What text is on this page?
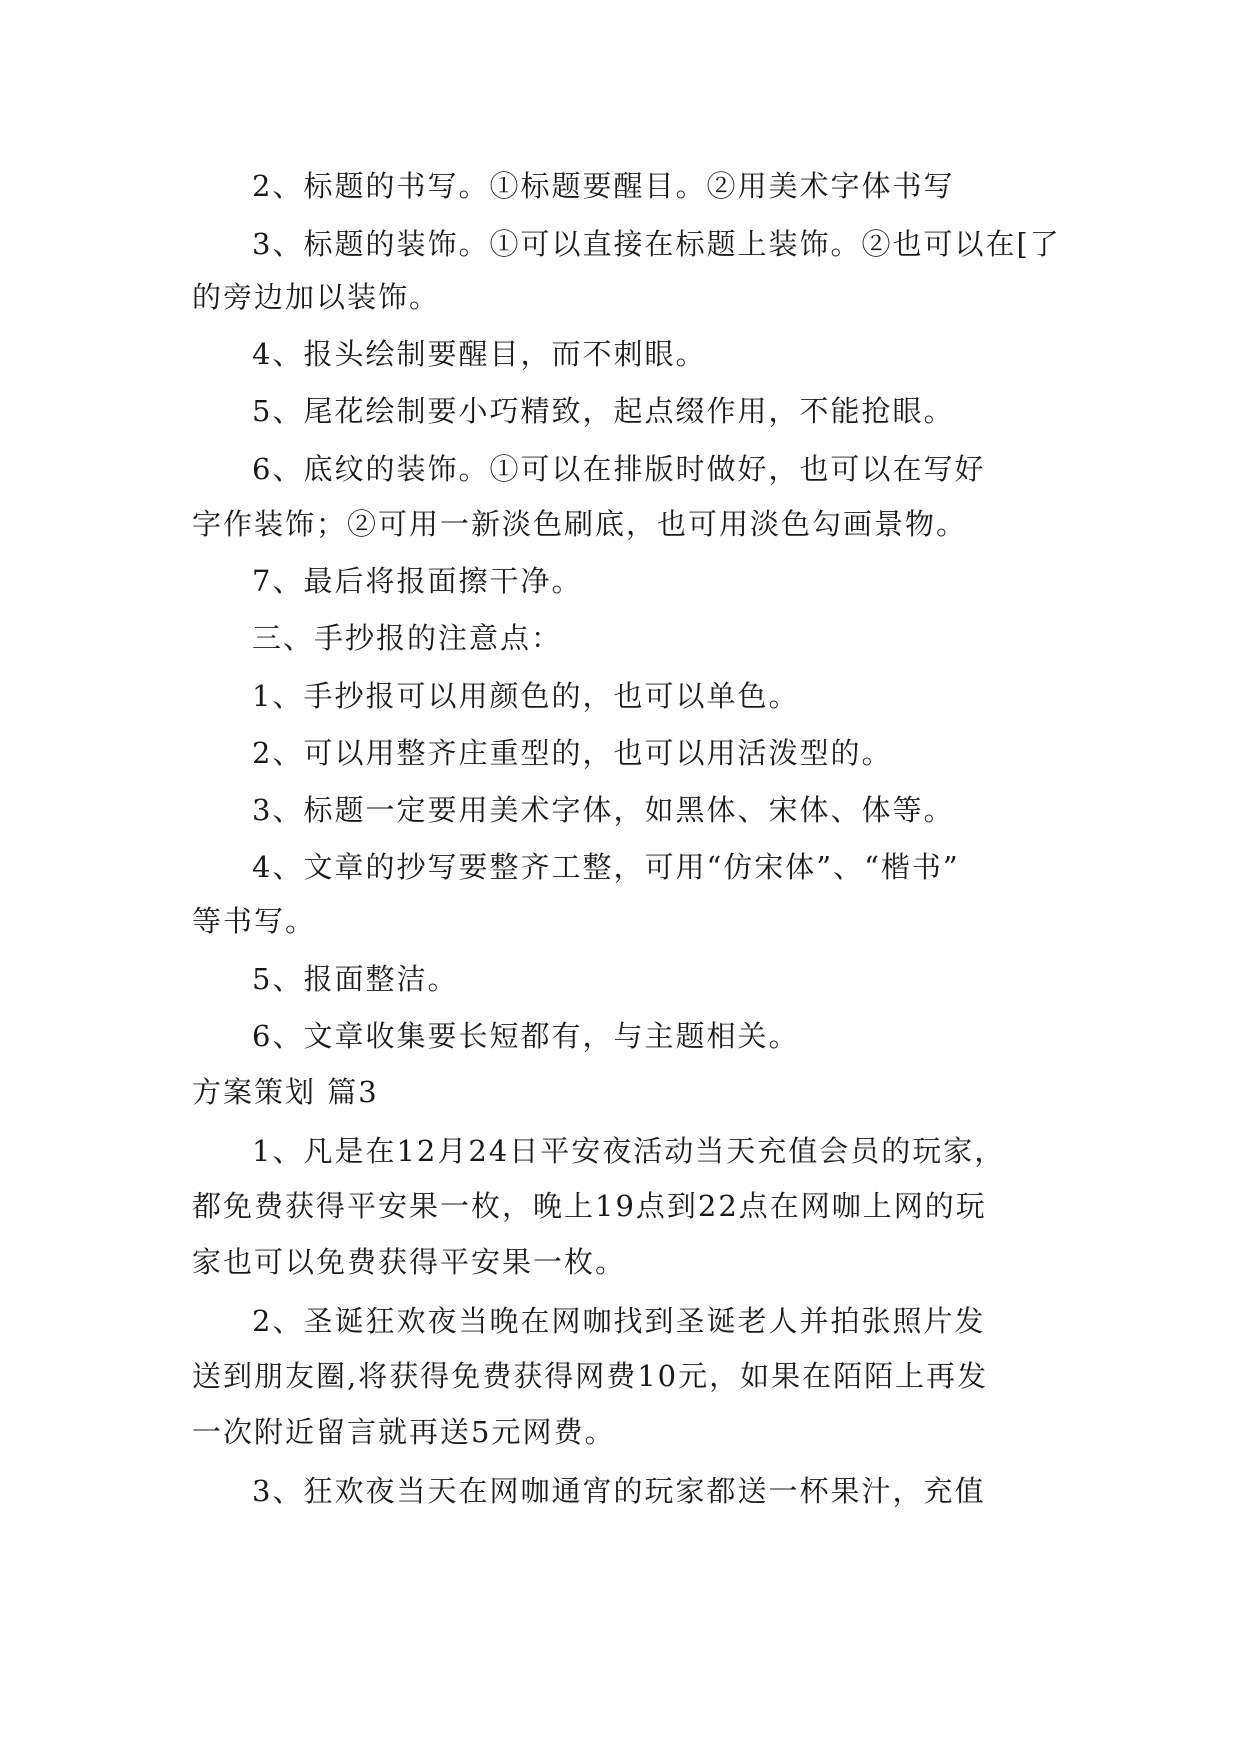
2、标题的书写。①标题要醒目。②用美术字体书写
3、标题的装饰。①可以直接在标题上装饰。②也可以在[了
的旁边加以装饰。
4、报头绘制要醒目，而不刺眼。
5、尾花绘制要小巧精致，起点缀作用，不能抢眼。
6、底纹的装饰。①可以在排版时做好，也可以在写好
字作装饰；②可用一新淡色刷底，也可用淡色勾画景物。
7、最后将报面擦干净。
三、手抄报的注意点：
1、手抄报可以用颜色的，也可以单色。
2、可以用整齐庄重型的，也可以用活泼型的。
3、标题一定要用美术字体，如黑体、宋体、体等。
4、文章的抄写要整齐工整，可用“仿宋体”、“楷书”
等书写。
5、报面整洁。
6、文章收集要长短都有，与主题相关。
方案策划 篇3
1、凡是在12月24日平安夜活动当天充值会员的玩家，
都免费获得平安果一枚，晚上19点到22点在网咖上网的玩
家也可以免费获得平安果一枚。
2、圣诞狂欢夜当晚在网咖找到圣诞老人并拍张照片发
送到朋友圈,将获得免费获得网费10元，如果在陌陌上再发
一次附近留言就再送5元网费。
3、狂欢夜当天在网咖通宵的玩家都送一杯果汁，充值
